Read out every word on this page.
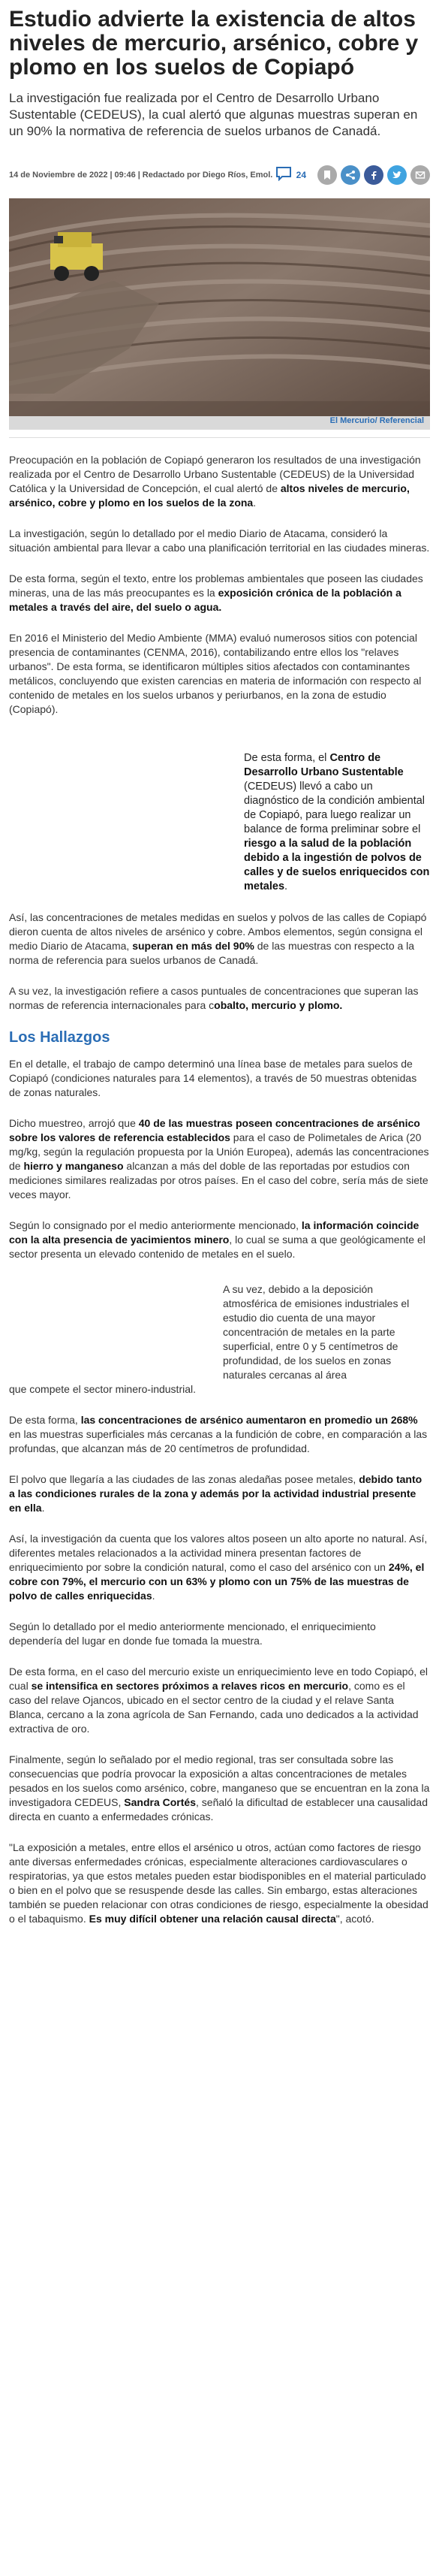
Estudio advierte la existencia de altos niveles de mercurio, arsénico, cobre y plomo en los suelos de Copiapó
La investigación fue realizada por el Centro de Desarrollo Urbano Sustentable (CEDEUS), la cual alertó que algunas muestras superan en un 90% la normativa de referencia de suelos urbanos de Canadá.
14 de Noviembre de 2022 | 09:46 | Redactado por Diego Ríos, Emol.	24
El Mercurio/ Referencial

Preocupación en la población de Copiapó generaron los resultados de una investigación realizada por el Centro de Desarrollo Urbano Sustentable (CEDEUS) de la Universidad Católica y la Universidad de Concepción, el cual alertó de altos niveles de mercurio, arsénico, cobre y plomo en los suelos de la zona.

La investigación, según lo detallado por el medio Diario de Atacama, consideró la situación ambiental para llevar a cabo una planificación territorial en las ciudades mineras.

De esta forma, según el texto, entre los problemas ambientales que poseen las ciudades mineras, una de las más preocupantes es la exposición crónica de la población a metales a través del aire, del suelo o agua.

En 2016 el Ministerio del Medio Ambiente (MMA) evaluó numerosos sitios con potencial presencia de contaminantes (CENMA, 2016), contabilizando entre ellos los "relaves urbanos". De esta forma, se identificaron múltiples sitios afectados con contaminantes metálicos, concluyendo que existen carencias en materia de información con respecto al contenido de metales en los suelos urbanos y periurbanos, en la zona de estudio (Copiapó).

De esta forma, el Centro de Desarrollo Urbano Sustentable (CEDEUS) llevó a cabo un diagnóstico de la condición ambiental de Copiapó, para luego realizar un balance de forma preliminar sobre el riesgo a la salud de la población debido a la ingestión de polvos de calles y de suelos enriquecidos con metales.

Así, las concentraciones de metales medidas en suelos y polvos de las calles de Copiapó dieron cuenta de altos niveles de arsénico y cobre. Ambos elementos, según consigna el medio Diario de Atacama, superan en más del 90% de las muestras con respecto a la norma de referencia para suelos urbanos de Canadá.

A su vez, la investigación refiere a casos puntuales de concentraciones que superan las normas de referencia internacionales para cobalto, mercurio y plomo.

Los Hallazgos

En el detalle, el trabajo de campo determinó una línea base de metales para suelos de Copiapó (condiciones naturales para 14 elementos), a través de 50 muestras obtenidas de zonas naturales.

Dicho muestreo, arrojó que 40 de las muestras poseen concentraciones de arsénico sobre los valores de referencia establecidos para el caso de Polimetales de Arica (20 mg/kg, según la regulación propuesta por la Unión Europea), además las concentraciones de hierro y manganeso alcanzan a más del doble de las reportadas por estudios con mediciones similares realizadas por otros países. En el caso del cobre, sería más de siete veces mayor.

Según lo consignado por el medio anteriormente mencionado, la información coincide con la alta presencia de yacimientos minero, lo cual se suma a que geológicamente el sector presenta un elevado contenido de metales en el suelo.

A su vez, debido a la deposición atmosférica de emisiones industriales el estudio dio cuenta de una mayor concentración de metales en la parte superficial, entre 0 y 5 centímetros de profundidad, de los suelos en zonas naturales cercanas al área

que compete el sector minero-industrial.

De esta forma, las concentraciones de arsénico aumentaron en promedio un 268% en las muestras superficiales más cercanas a la fundición de cobre, en comparación a las profundas, que alcanzan más de 20 centímetros de profundidad.

El polvo que llegaría a las ciudades de las zonas aledañas posee metales, debido tanto a las condiciones rurales de la zona y además por la actividad industrial presente en ella.

Así, la investigación da cuenta que los valores altos poseen un alto aporte no natural. Así, diferentes metales relacionados a la actividad minera presentan factores de enriquecimiento por sobre la condición natural, como el caso del arsénico con un 24%, el cobre con 79%, el mercurio con un 63% y plomo con un 75% de las muestras de polvo de calles enriquecidas.

Según lo detallado por el medio anteriormente mencionado, el enriquecimiento dependería del lugar en donde fue tomada la muestra.

De esta forma, en el caso del mercurio existe un enriquecimiento leve en todo Copiapó, el cual se intensifica en sectores próximos a relaves ricos en mercurio, como es el caso del relave Ojancos, ubicado en el sector centro de la ciudad y el relave Santa Blanca, cercano a la zona agrícola de San Fernando, cada uno dedicados a la actividad extractiva de oro.

Finalmente, según lo señalado por el medio regional, tras ser consultada sobre las consecuencias que podría provocar la exposición a altas concentraciones de metales pesados en los suelos como arsénico, cobre, manganeso que se encuentran en la zona la investigadora CEDEUS, Sandra Cortés, señaló la dificultad de establecer una causalidad directa en cuanto a enfermedades crónicas.

"La exposición a metales, entre ellos el arsénico u otros, actúan como factores de riesgo ante diversas enfermedades crónicas, especialmente alteraciones cardiovasculares o respiratorias, ya que estos metales pueden estar biodisponibles en el material particulado o bien en el polvo que se resuspende desde las calles. Sin embargo, estas alteraciones también se pueden relacionar con otras condiciones de riesgo, especialmente la obesidad o el tabaquismo. Es muy difícil obtener una relación causal directa", acotó.
